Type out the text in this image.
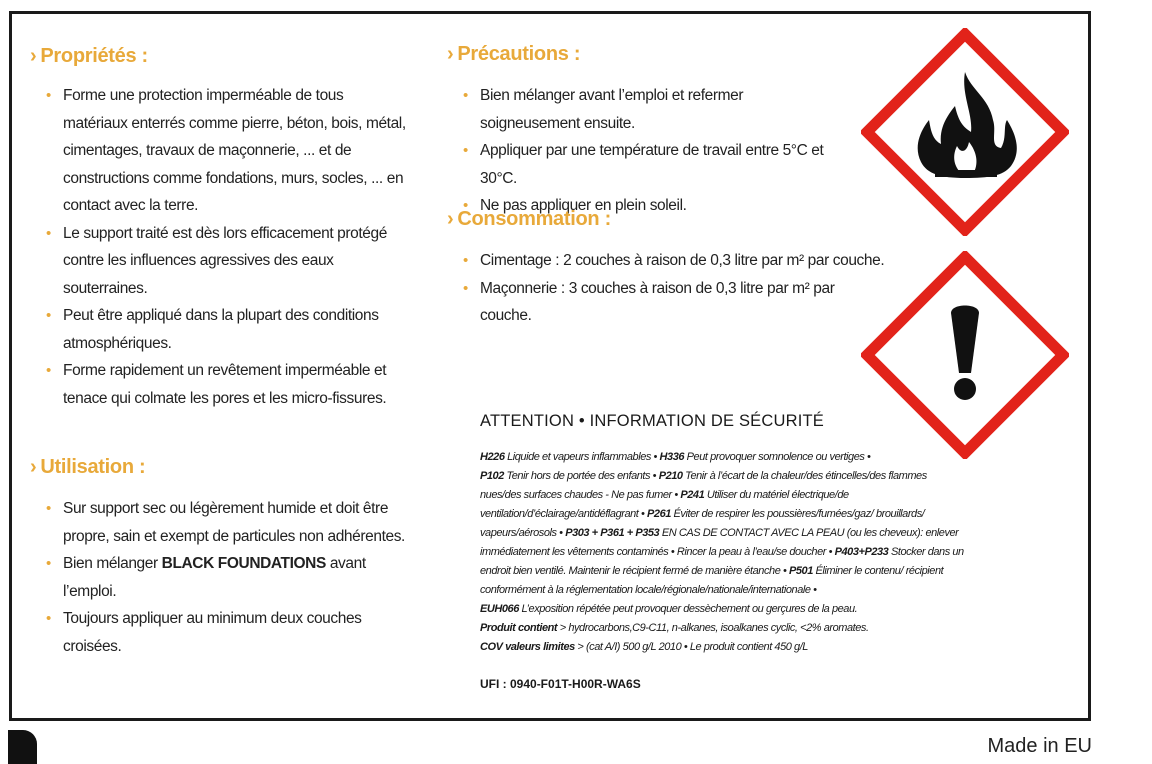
› Propriétés :
• Forme une protection imperméable de tous matériaux enterrés comme pierre, béton, bois, métal, cimentages, travaux de maçonnerie, ... et de constructions comme fondations, murs, socles, ... en contact avec la terre.
• Le support traité est dès lors efficacement protégé contre les influences agressives des eaux souterraines.
• Peut être appliqué dans la plupart des conditions atmosphériques.
• Forme rapidement un revêtement imperméable et tenace qui colmate les pores et les micro-fissures.
› Utilisation :
• Sur support sec ou légèrement humide et doit être propre, sain et exempt de particules non adhérentes.
• Bien mélanger BLACK FOUNDATIONS avant l’emploi.
• Toujours appliquer au minimum deux couches croisées.
› Précautions :
• Bien mélanger avant l’emploi et refermer soigneusement ensuite.
• Appliquer par une température de travail entre 5°C et 30°C.
• Ne pas appliquer en plein soleil.
› Consommation :
• Cimentage : 2 couches à raison de 0,3 litre par m² par couche.
• Maçonnerie : 3 couches à raison de 0,3 litre par m² par couche.
ATTENTION • INFORMATION DE SÉCURITÉ
H226 Liquide et vapeurs inflammables • H336 Peut provoquer somnolence ou vertiges •
P102 Tenir hors de portée des enfants • P210 Tenir à l’écart de la chaleur/des étincelles/des flammes nues/des surfaces chaudes - Ne pas fumer • P241 Utiliser du matériel électrique/de ventilation/d’éclairage/antidéflagrant • P261 Éviter de respirer les poussières/fumées/gaz/ brouillards/ vapeurs/aérosols • P303 + P361 + P353 EN CAS DE CONTACT AVEC LA PEAU (ou les cheveux): enlever immédiatement les vêtements contaminés • Rincer la peau à l’eau/se doucher • P403+P233 Stocker dans un endroit bien ventilé. Maintenir le récipient fermé de manière étanche • P501 Éliminer le contenu/ récipient conformément à la réglementation locale/régionale/nationale/internationale •
EUH066 L’exposition répétée peut provoquer dessèchement ou gerçures de la peau.
Produit contient > hydrocarbons,C9-C11, n-alkanes, isoalkanes cyclic, <2% aromates.
COV valeurs limites > (cat A/I) 500 g/L 2010 • Le produit contient 450 g/L
UFI : 0940-F01T-H00R-WA6S
Made in EU
